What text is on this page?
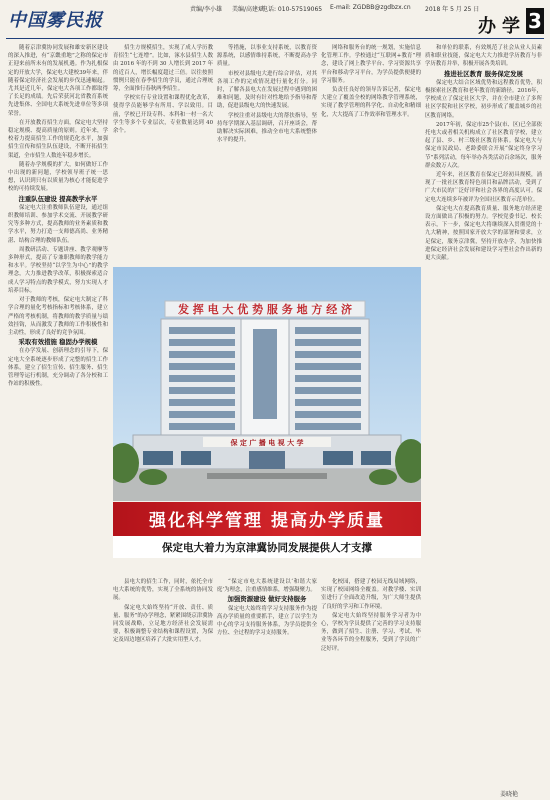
中国雾民报
责编/李小雄 美编/高建斌
电话: 010-57519065 E-mail: ZGDBB@zgdbzx.cn 2018 年 5 月 25 日
办学 3

随着京津冀协同发展和雄安新区建设的深入推进，有“京畿重地”之称的保定市正迎来前所未有的发展机遇。作为扎根保定的开放大学，保定电大建校39年来，伴随着保定经济社会发展的步伐迅速崛起。尤其是近几年，保定电大各项工作都取得了长足的成绩。先后荣获河北省教育系统先进集体、全国电大系统先进单位等多项荣誉。

在开放教育招生方面，保定电大坚持稳定规模、提高质量的原则。近年来，学校着力提高招生工作的规范化水平，加强招生宣传和招生队伍建设，不断开拓招生渠道，全市招生人数连年稳步增长。

随着办学规模的扩大，如何做好工作中出现的新问题，学校领导班子统一思想，认识到只有以质量为核心才能促进学校的可持续发展。

注重队伍建设 提高教学水平

保定电大注重教师队伍建设，通过组织教师培训、参加学术交流、开展教学研究等多种方式，提高教师的业务素质和教学水平，努力打造一支师德高尚、业务精湛、结构合理的教师队伍。

周教研活动、专题讲座、教学观摩等多种形式，提高了专兼职教师的教学能力和水平。学校坚持“以学生为中心”的教学理念，大力推进教学改革，积极探索适合成人学习特点的教学模式，努力实现人才培养目标。

对于教师的考核，保定电大制定了科学合理的量化考核指标和考核体系，建立严格的考核机制，将教师的教学质量与绩效挂钩，从而激发了教师的工作积极性和主动性，形成了良好的竞争氛围。

采取有效措施 稳固办学规模

在办学发展、创新理念的引导下，保定电大全系统逐步形成了完整的招生工作体系，建立了招生宣传、招生服务、招生管理等运行机制，充分调动了各分校和工作站的积极性。

招生方规模招生，实现了成人学历教育招生“七连增”。比如，涿水县招生人数由 2016 年的不到 30 人增长到 2017 年的近百人，增长幅度超过三倍。以往按照惯例只能在春季招生的学员，通过合理统筹，全面推行春秋两季招生。

学校实行专业设置和课程优化改革，使得学员能够学有所用、学以致用。目前，学校已开设专科、本科和一村一名大学生等多个专业层次，专业数量达到 40 余个。

等措施，以事业支持系统，以教育资源系统，以感情维持系统，不断提高办学质量。

市校对县级电大进行综合评估，对其各项工作的完成情况进行量化打分。同时，了解各县电大在发展过程中遇到的困难和问题，及时有针对性地给予指导和帮助，促进县级电大的快速发展。

学校注重对县级电大的帮扶指导，坚持每学期深入基层调研，召开座谈会，帮助解决实际困难，推动全市电大系统整体水平的提升。

网络和服务台的统一规划，实施信息化管理工作。学校通过“互联网+教育”理念，建设了网上教学平台、学习资源共享平台和移动学习平台，为学员提供便捷的学习服务。

负责任良好的领导告诉记者，保定电大建立了覆盖全校的网络教学管理系统，实现了教学管理的科学化、自动化和精细化，大大提高了工作效率和管理水平。

和单位的联系，有效规范了社会从业人员素质和职业技能，保定电大大力推进学历教育与非学历教育并举，积极开展各类培训。

推进社区教育 服务保定发展

保定电大结合区域优势和远程教育优势，积极探索社区教育和老年教育的新路径。2016年，学校成立了保定社区大学，并在全市建立了多所社区学院和社区学校，初步形成了覆盖城乡的社区教育网络。

2017年初，保定市25个县(市、区)已全部依托电大或者相关机构成立了社区教育学校，建立起了县、乡、村三级社区教育体系。保定电大与保定市民政局、老龄委联合开展“保定终身学习节”系列活动，每年举办各类活动百余场次，服务群众数万人次。

近年来，社区教育在保定已经初具规模，涌现了一批社区教育特色项目和品牌活动，受到了广大市民的广泛好评和社会各界的高度认可。保定电大连续多年被评为全国社区教育示范单位。

保定电大在提高教育质量、服务地方经济建设方面做出了积极的努力。学校党委书记、校长表示，下一步，保定电大将继续深入贯彻党的十九大精神，按照国家开放大学的部署和要求，立足保定，服务京津冀，坚持开放办学，为加快推进保定经济社会发展和建设学习型社会作出新的更大贡献。

发 挥 电 大 优 势 服 务 地 方 经 济
保 定 广 播 电 视 大 学
强化科学管理 提高办学质量
保定电大着力为京津冀协同发展提供人才支撑

县电大的招生工作，同时，依托全市电大系统的优势，实现了全系统的协同发展。

保定电大始终坚持“开放、责任、质量、服务”的办学理念，紧紧围绕京津冀协同发展战略，立足地方经济社会发展需要，积极调整专业结构和课程设置，为保定及周边地区培养了大批实用型人才。

“保定市电大系统建设以‘和谐大家庭’为理念，注重感情维系，增强凝聚力。

加强资源建设 做好支持服务

保定电大始终将学习支持服务作为提高办学质量的重要抓手，建立了以学生为中心的学习支持服务体系，为学员提供全方位、全过程的学习支持服务。

化校园，搭建了校园无线局域网络，实现了校园网络全覆盖。对教学楼、实训室进行了全面改造升级，为广大师生提供了良好的学习和工作环境。

保定电大始终坚持服务学习者为中心，学校为学员提供了完善的学习支持服务，做到了招生、注册、学习、考试、毕业等各环节的全程服务，受到了学员的广泛好评。

姜晓艳
